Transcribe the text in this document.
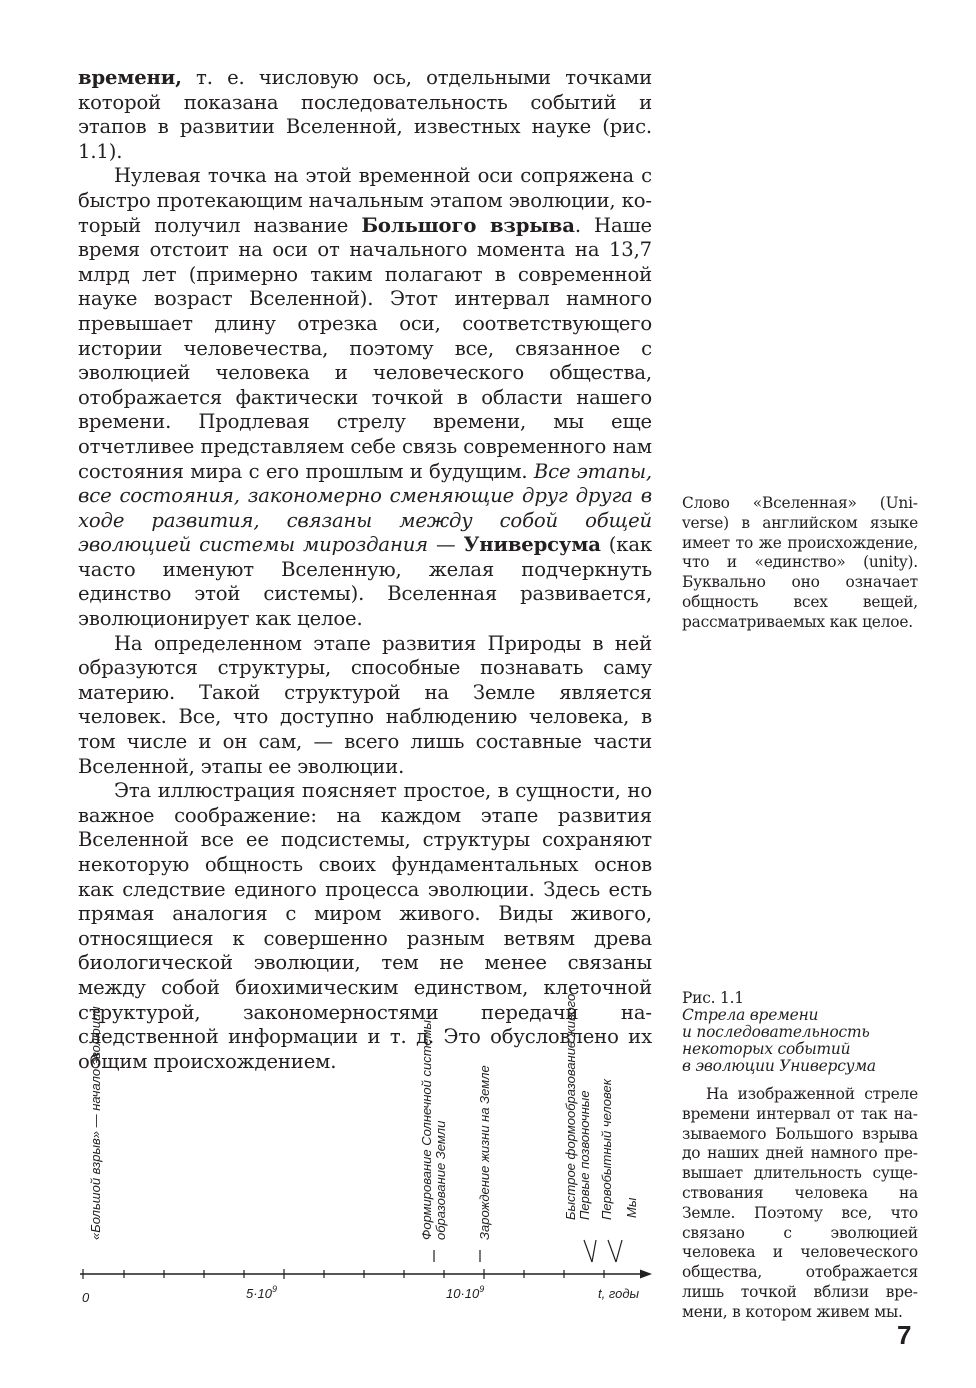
времени, т. е. числовую ось, отдельными точками которой показана последовательность событий и этапов в развитии Вселенной, известных науке (рис. 1.1).

Нулевая точка на этой временной оси сопряжена с быстро протекающим начальным этапом эволюции, который получил название Большого взрыва. Наше время отстоит на оси от начального момента на 13,7 млрд лет (примерно таким полагают в современной науке возраст Вселенной). Этот интервал намного превышает длину отрезка оси, соответствующего истории человечества, поэтому все, связанное с эволюцией человека и человеческого общества, отображается фактически точкой в области нашего времени. Продлевая стрелу времени, мы еще отчетливее представляем себе связь современного нам состояния мира с его прошлым и будущим. Все этапы, все состояния, закономерно сменяющие друг друга в ходе развития, связаны между собой общей эволюцией системы мироздания — Универсума (как часто именуют Вселенную, желая подчеркнуть единство этой системы). Вселенная развивается, эволюционирует как целое.

На определенном этапе развития Природы в ней образуются структуры, способные познавать саму материю. Такой структурой на Земле является человек. Все, что доступно наблюдению человека, в том числе и он сам, — всего лишь составные части Вселенной, этапы ее эволюции.

Эта иллюстрация поясняет простое, в сущности, но важное соображение: на каждом этапе развития Вселенной все ее подсистемы, структуры сохраняют некоторую общность своих фундаментальных основ как следствие единого процесса эволюции. Здесь есть прямая аналогия с миром живого. Виды живого, относящиеся к совершенно разным ветвям древа биологической эволюции, тем не менее связаны между собой биохимическим единством, клеточной структурой, закономерностями передачи наследственной информации и т. д. Это обусловлено их общим происхождением.

Слово «Вселенная» (Universe) в английском языке имеет то же происхождение, что и «единство» (unity). Буквально оно означает общность всех вещей, рассматриваемых как целое.

Рис. 1.1

Стрела времени

и последовательность

некоторых событий

в эволюции Универсума

На изображенной стреле времени интервал от так называемого Большого взрыва до наших дней намного превышает длительность существования человека на Земле. Поэтому все, что связано с эволюцией человека и человеческого общества, отображается лишь точкой вблизи времени, в котором живем мы.

0	$5\cdot 10^9$	$10\cdot 10^9$	t, годы
«Большой взрыв» — начало эволюции	Формирование Солнечной системы, образование Земли Зарождение жизни на Земле	Быстрое формообразование живого Первые позвоночные Первобытный человек Мы
7
